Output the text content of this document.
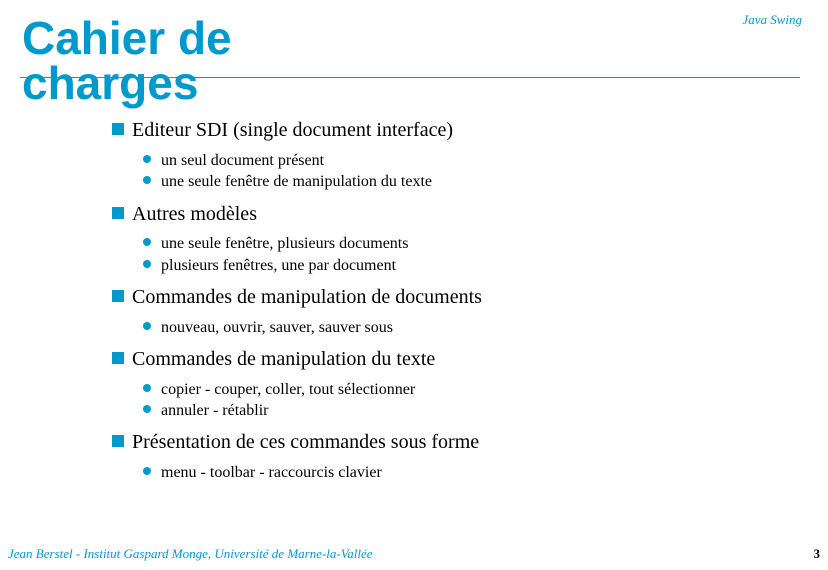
Cahier de charges
Java Swing

Editeur SDI (single document interface)

un seul document présent

une seule fenêtre de manipulation du texte

Autres modèles

une seule fenêtre, plusieurs documents

plusieurs fenêtres, une par document

Commandes de manipulation de documents

nouveau, ouvrir, sauver, sauver sous

Commandes de manipulation du texte

copier - couper, coller, tout sélectionner

annuler - rétablir

Présentation de ces commandes sous forme

menu - toolbar - raccourcis clavier

Jean Berstel - Institut Gaspard Monge, Université de Marne-la-Vallée	3
